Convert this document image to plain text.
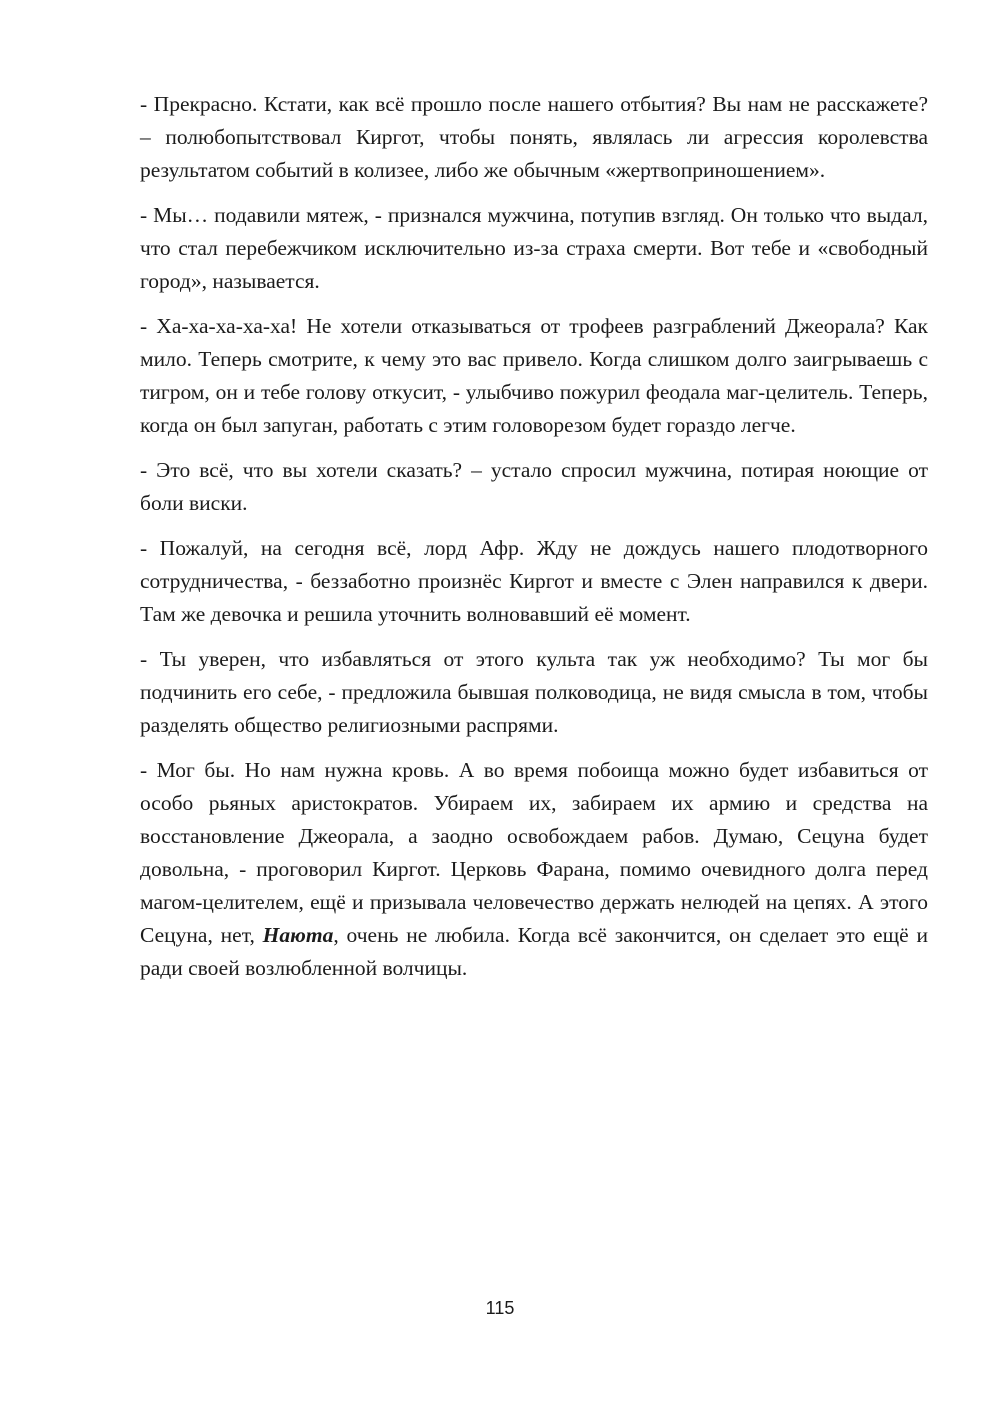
- Прекрасно. Кстати, как всё прошло после нашего отбытия? Вы нам не расскажете? – полюбопытствовал Киргот, чтобы понять, являлась ли агрессия королевства результатом событий в колизее, либо же обычным «жертвоприношением».

- Мы… подавили мятеж, - признался мужчина, потупив взгляд. Он только что выдал, что стал перебежчиком исключительно из-за страха смерти. Вот тебе и «свободный город», называется.

- Ха-ха-ха-ха-ха! Не хотели отказываться от трофеев разграблений Джеорала? Как мило. Теперь смотрите, к чему это вас привело. Когда слишком долго заигрываешь с тигром, он и тебе голову откусит, - улыбчиво пожурил феодала маг-целитель. Теперь, когда он был запуган, работать с этим головорезом будет гораздо легче.

- Это всё, что вы хотели сказать? – устало спросил мужчина, потирая ноющие от боли виски.

- Пожалуй, на сегодня всё, лорд Афр. Жду не дождусь нашего плодотворного сотрудничества, - беззаботно произнёс Киргот и вместе с Элен направился к двери. Там же девочка и решила уточнить волновавший её момент.

- Ты уверен, что избавляться от этого культа так уж необходимо? Ты мог бы подчинить его себе, - предложила бывшая полководица, не видя смысла в том, чтобы разделять общество религиозными распрями.

- Мог бы. Но нам нужна кровь. А во время побоища можно будет избавиться от особо рьяных аристократов. Убираем их, забираем их армию и средства на восстановление Джеорала, а заодно освобождаем рабов. Думаю, Сецуна будет довольна, - проговорил Киргот. Церковь Фарана, помимо очевидного долга перед магом-целителем, ещё и призывала человечество держать нелюдей на цепях. А этого Сецуна, нет, Наюта, очень не любила. Когда всё закончится, он сделает это ещё и ради своей возлюбленной волчицы.

115
